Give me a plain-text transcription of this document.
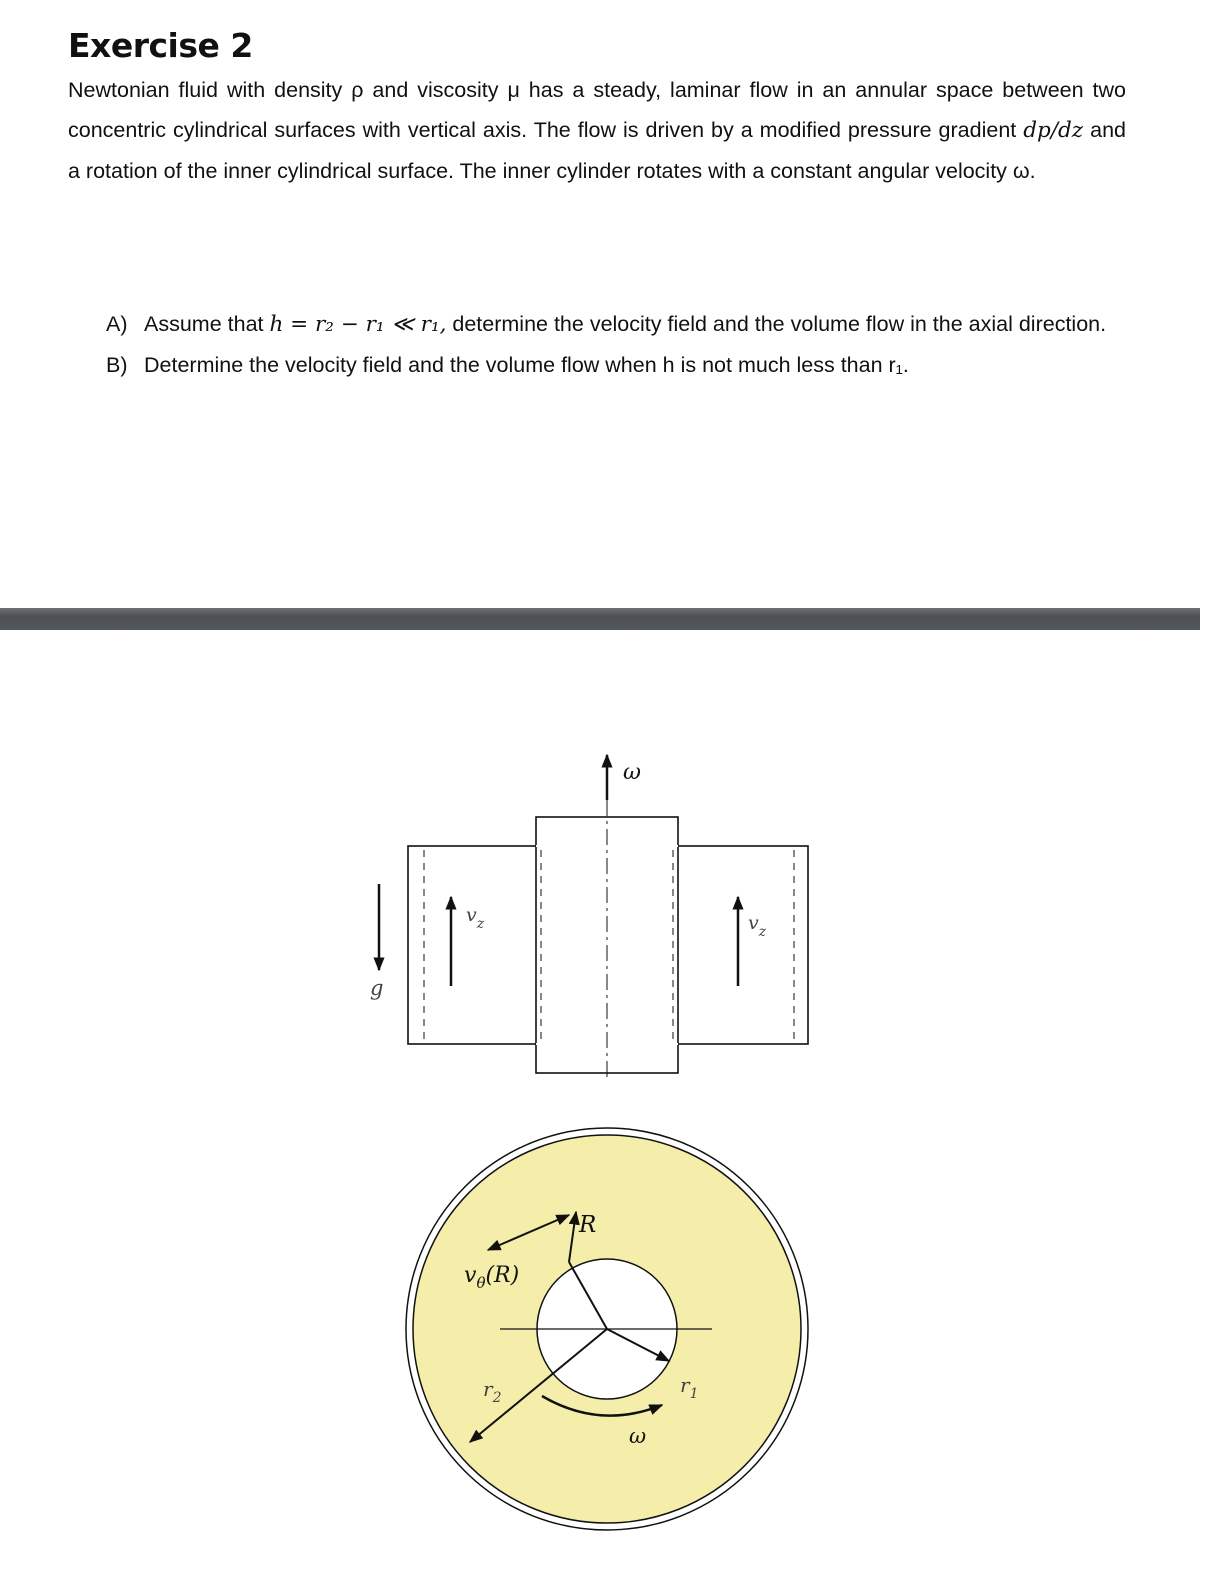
Exercise 2

Newtonian fluid with density ρ and viscosity μ has a steady, laminar flow in an annular space between two concentric cylindrical surfaces with vertical axis. The flow is driven by a modified pressure gradient dp/dz and a rotation of the inner cylindrical surface. The inner cylinder rotates with a constant angular velocity ω.

A) Assume that h = r₂ − r₁ ≪ r₁, determine the velocity field and the volume flow in the axial direction.
B) Determine the velocity field and the volume flow when h is not much less than r₁.
ω
$v_z$	$v_z$
g
R
$v_\theta(R)$
$r_2$
$r_1$
ω
